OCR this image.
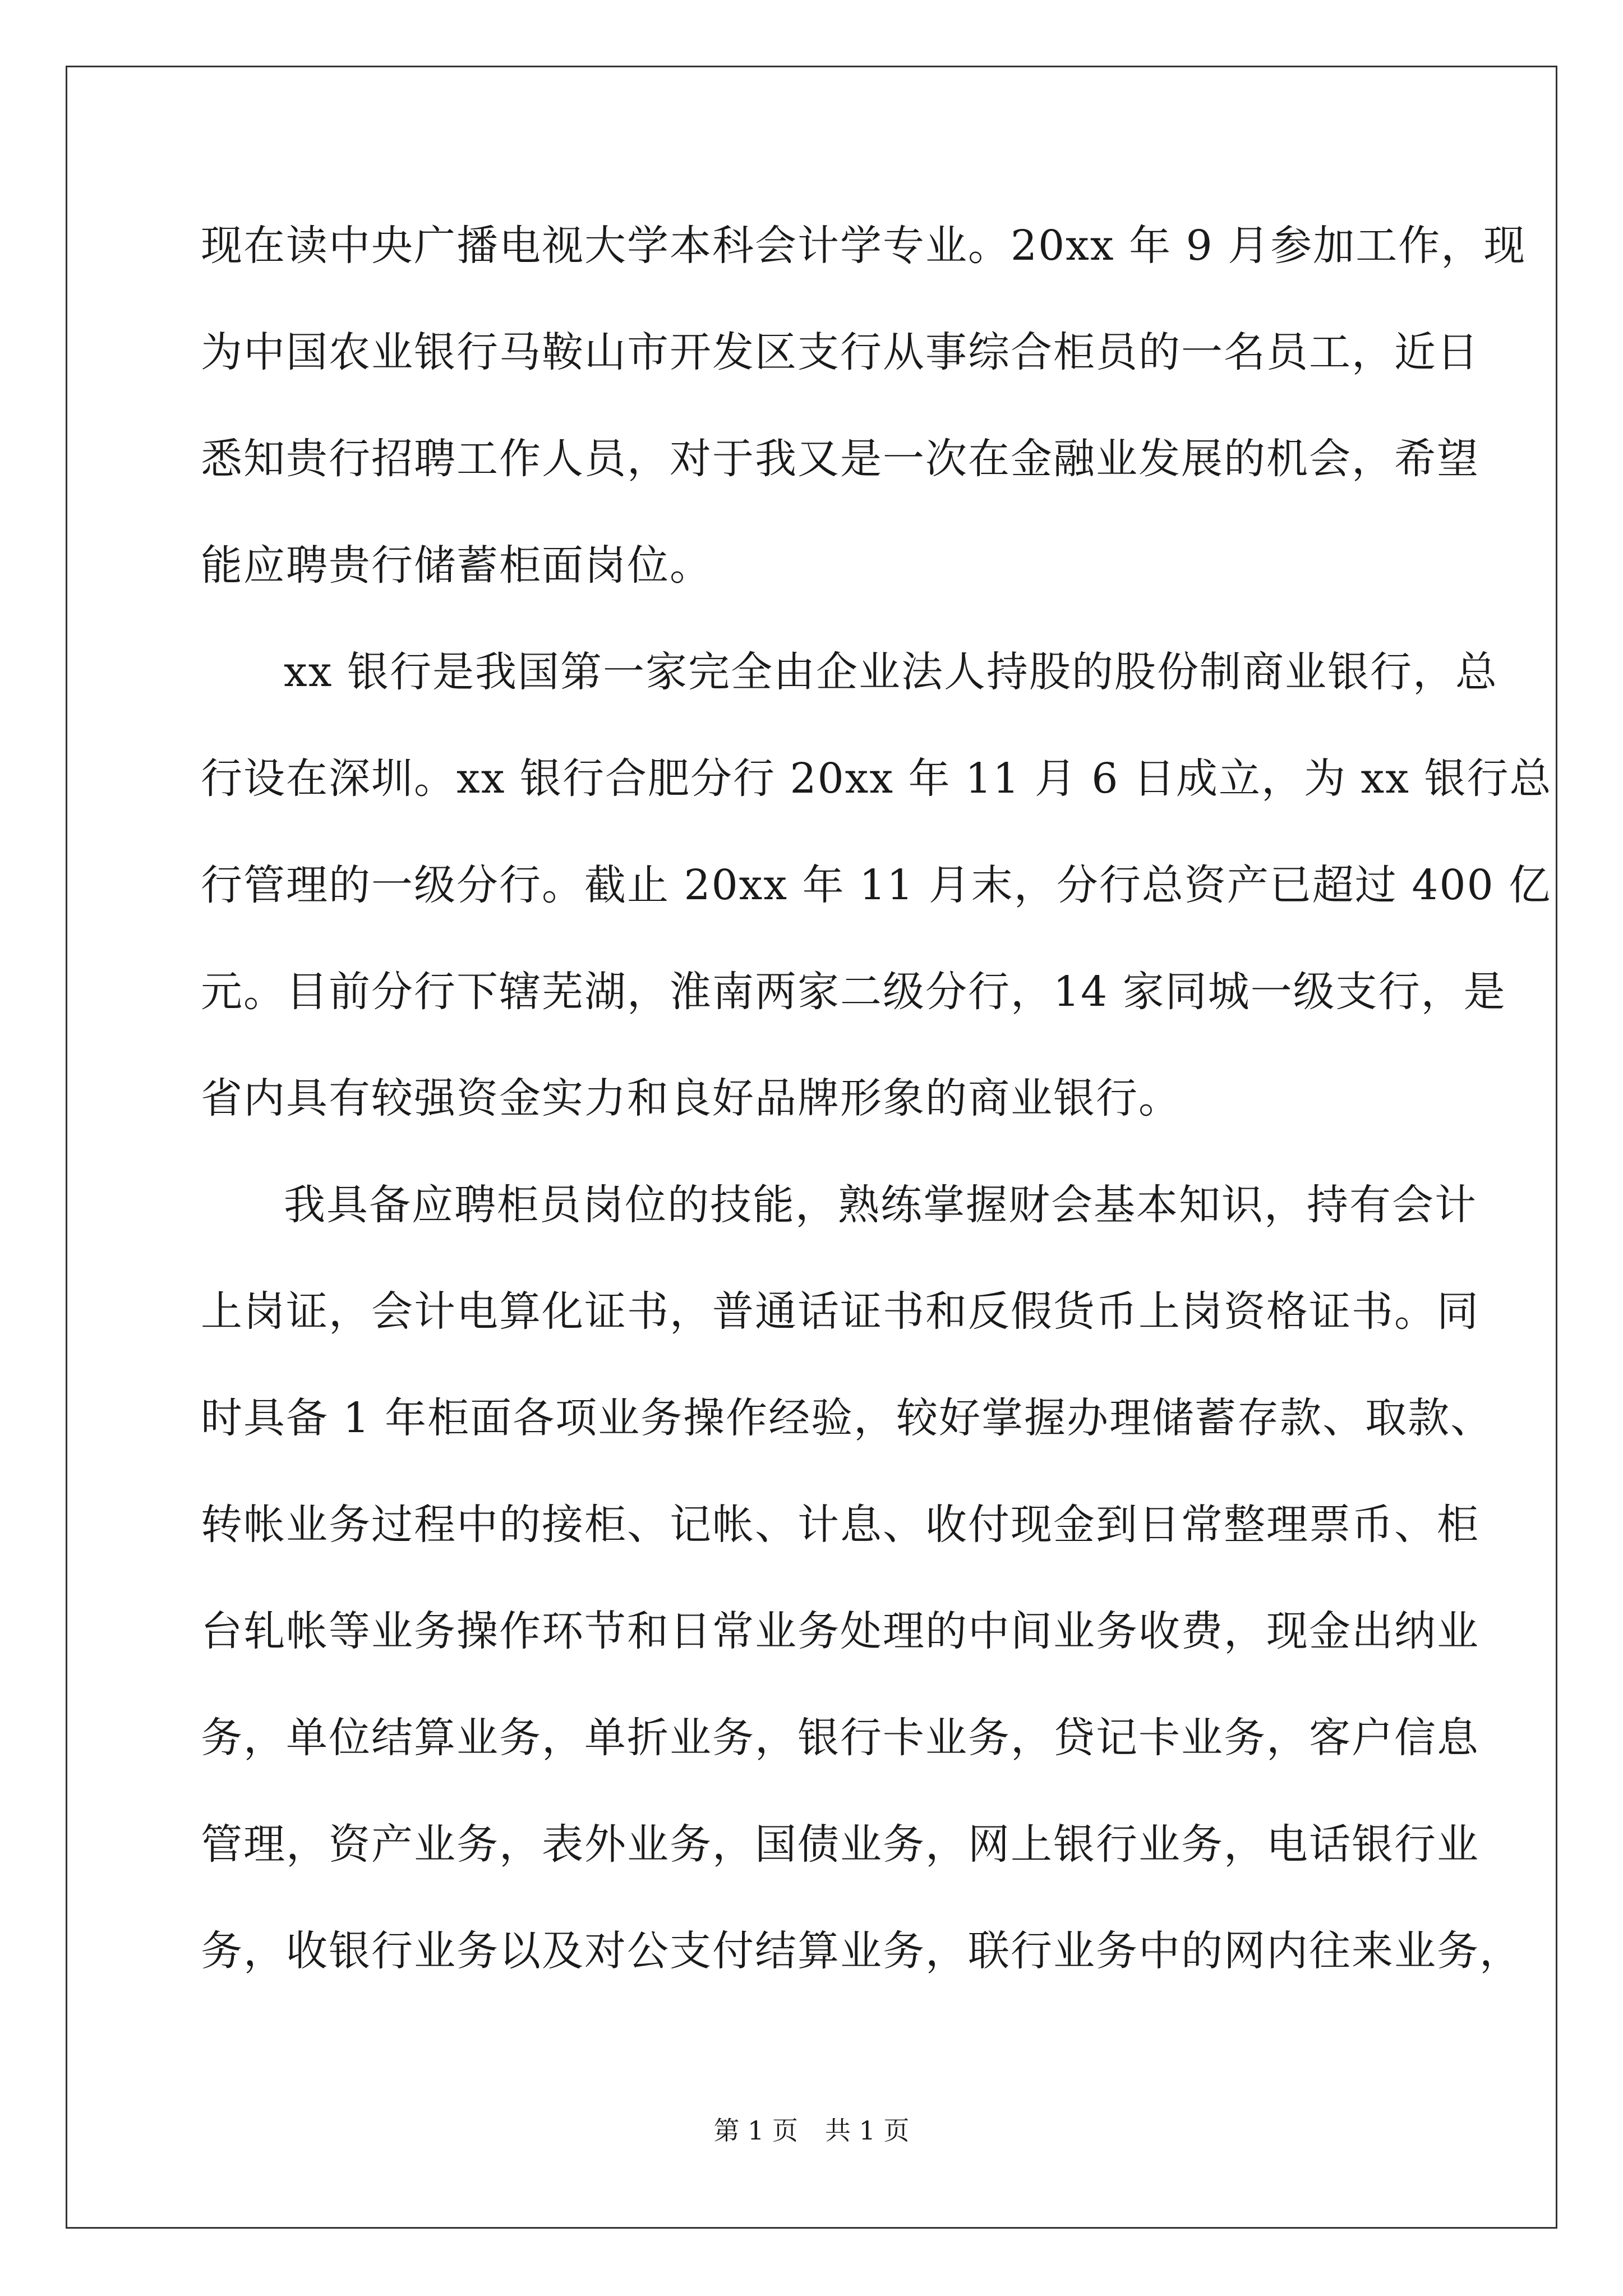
现在读中央广播电视大学本科会计学专业。20xx 年 9 月参加工作，现
为中国农业银行马鞍山市开发区支行从事综合柜员的一名员工，近日
悉知贵行招聘工作人员，对于我又是一次在金融业发展的机会，希望
能应聘贵行储蓄柜面岗位。
xx 银行是我国第一家完全由企业法人持股的股份制商业银行，总
行设在深圳。xx 银行合肥分行 20xx 年 11 月 6 日成立，为 xx 银行总
行管理的一级分行。截止 20xx 年 11 月末，分行总资产已超过 400 亿
元。目前分行下辖芜湖，淮南两家二级分行，14 家同城一级支行，是
省内具有较强资金实力和良好品牌形象的商业银行。
我具备应聘柜员岗位的技能，熟练掌握财会基本知识，持有会计
上岗证，会计电算化证书，普通话证书和反假货币上岗资格证书。同
时具备 1 年柜面各项业务操作经验，较好掌握办理储蓄存款、取款、
转帐业务过程中的接柜、记帐、计息、收付现金到日常整理票币、柜
台轧帐等业务操作环节和日常业务处理的中间业务收费，现金出纳业
务，单位结算业务，单折业务，银行卡业务，贷记卡业务，客户信息
管理，资产业务，表外业务，国债业务，网上银行业务，电话银行业
务，收银行业务以及对公支付结算业务，联行业务中的网内往来业务，
第 1 页 共 1 页
